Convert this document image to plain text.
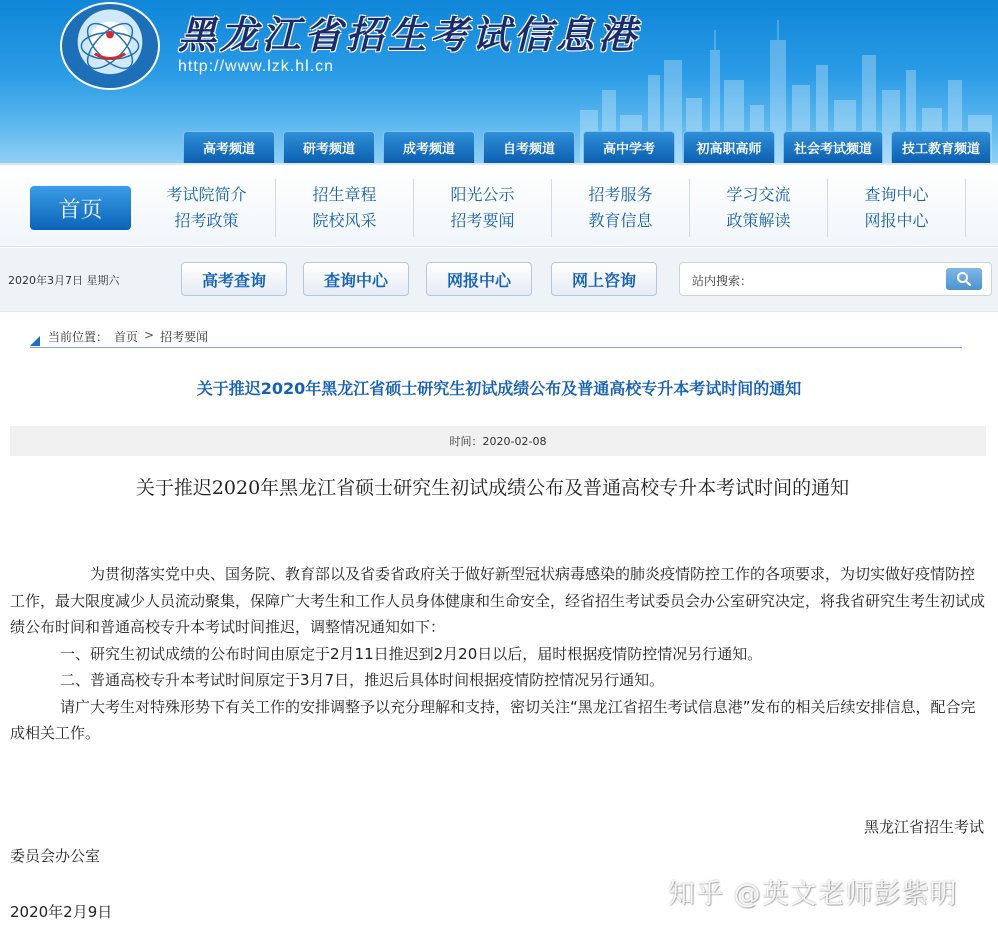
黑龙江省招生考试信息港
http://www.lzk.hl.cn
高考频道	研考频道	成考频道	自考频道	高中学考	初高职高师	社会考试频道	技工教育频道
首页
考试院简介
招考政策
招生章程
院校风采
阳光公示
招考要闻
招考服务
教育信息
学习交流
政策解读
查询中心
网报中心
2020年3月7日 星期六	高考查询	查询中心	网报中心	网上咨询	站内搜索：
当前位置： 首页 > 招考要闻
关于推迟2020年黑龙江省硕士研究生初试成绩公布及普通高校专升本考试时间的通知
时间： 2020-02-08
关于推迟2020年黑龙江省硕士研究生初试成绩公布及普通高校专升本考试时间的通知

为贯彻落实党中央、国务院、教育部以及省委省政府关于做好新型冠状病毒感染的肺炎疫情防控工作的各项要求，为切实做好疫情防控工作，最大限度减少人员流动聚集，保障广大考生和工作人员身体健康和生命安全，经省招生考试委员会办公室研究决定，将我省研究生考生初试成绩公布时间和普通高校专升本考试时间推迟，调整情况通知如下：

一、研究生初试成绩的公布时间由原定于2月11日推迟到2月20日以后，届时根据疫情防控情况另行通知。

二、普通高校专升本考试时间原定于3月7日，推迟后具体时间根据疫情防控情况另行通知。

请广大考生对特殊形势下有关工作的安排调整予以充分理解和支持，密切关注“黑龙江省招生考试信息港”发布的相关后续安排信息，配合完成相关工作。

黑龙江省招生考试
委员会办公室
2020年2月9日
知乎 @英文老师彭紫明
